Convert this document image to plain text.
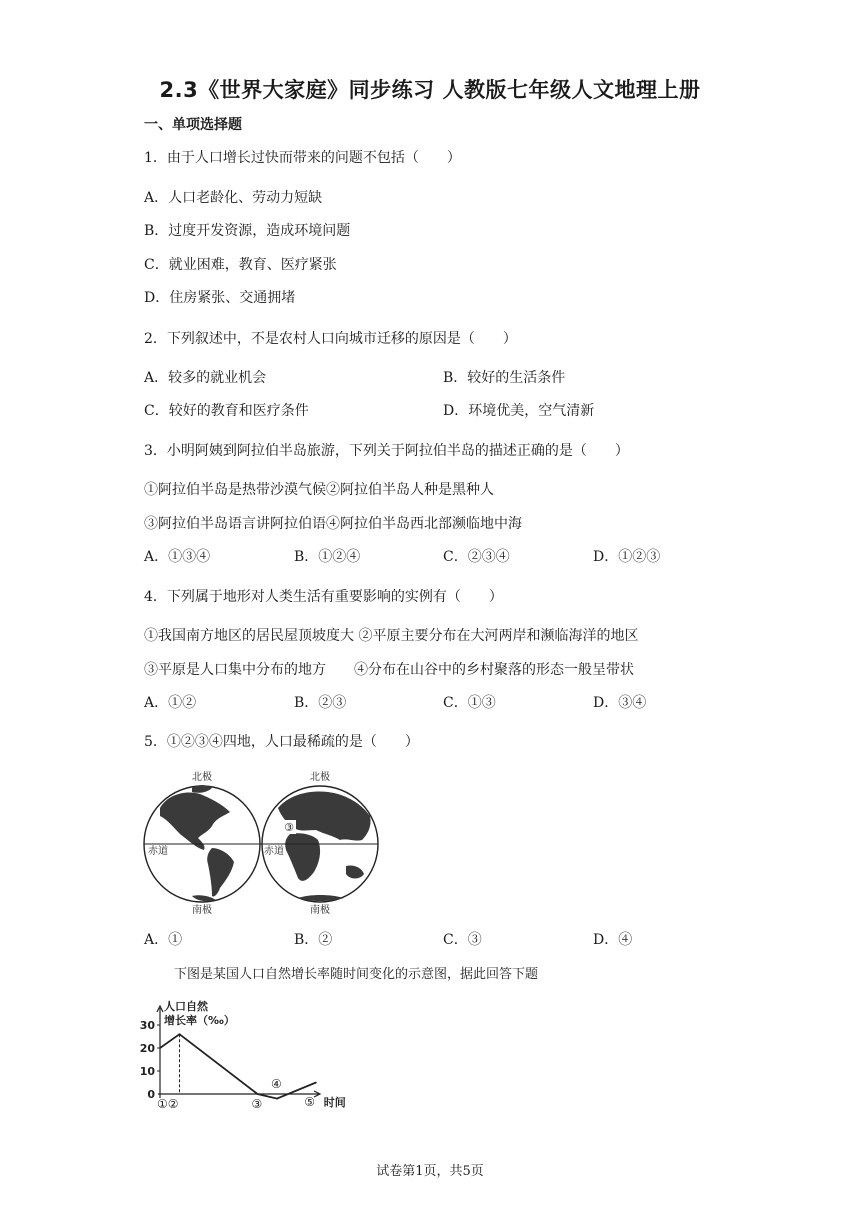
2.3《世界大家庭》同步练习 人教版七年级人文地理上册
一、单项选择题
1．由于人口增长过快而带来的问题不包括（　　）
A．人口老龄化、劳动力短缺
B．过度开发资源，造成环境问题
C．就业困难，教育、医疗紧张
D．住房紧张、交通拥堵
2．下列叙述中，不是农村人口向城市迁移的原因是（　　）
A．较多的就业机会	B．较好的生活条件
C．较好的教育和医疗条件	D．环境优美，空气清新
3．小明阿姨到阿拉伯半岛旅游，下列关于阿拉伯半岛的描述正确的是（　　）
①阿拉伯半岛是热带沙漠气候②阿拉伯半岛人种是黑种人
③阿拉伯半岛语言讲阿拉伯语④阿拉伯半岛西北部濒临地中海
A．①③④	B．①②④	C．②③④	D．①②③
4．下列属于地形对人类生活有重要影响的实例有（　　）
①我国南方地区的居民屋顶坡度大 ②平原主要分布在大河两岸和濒临海洋的地区
③平原是人口集中分布的地方　　④分布在山谷中的乡村聚落的形态一般呈带状
A．①②	B．②③	C．①③	D．③④
5．①②③④四地，人口最稀疏的是（　　）
北极	北极
赤道	赤道
南极	南极
③
A．①	B．②	C．③	D．④
下图是某国人口自然增长率随时间变化的示意图，据此回答下题
30
20
10
0
人口自然
增长率（‰）
①②	③
④
⑤ 时间
试卷第1页，共5页
